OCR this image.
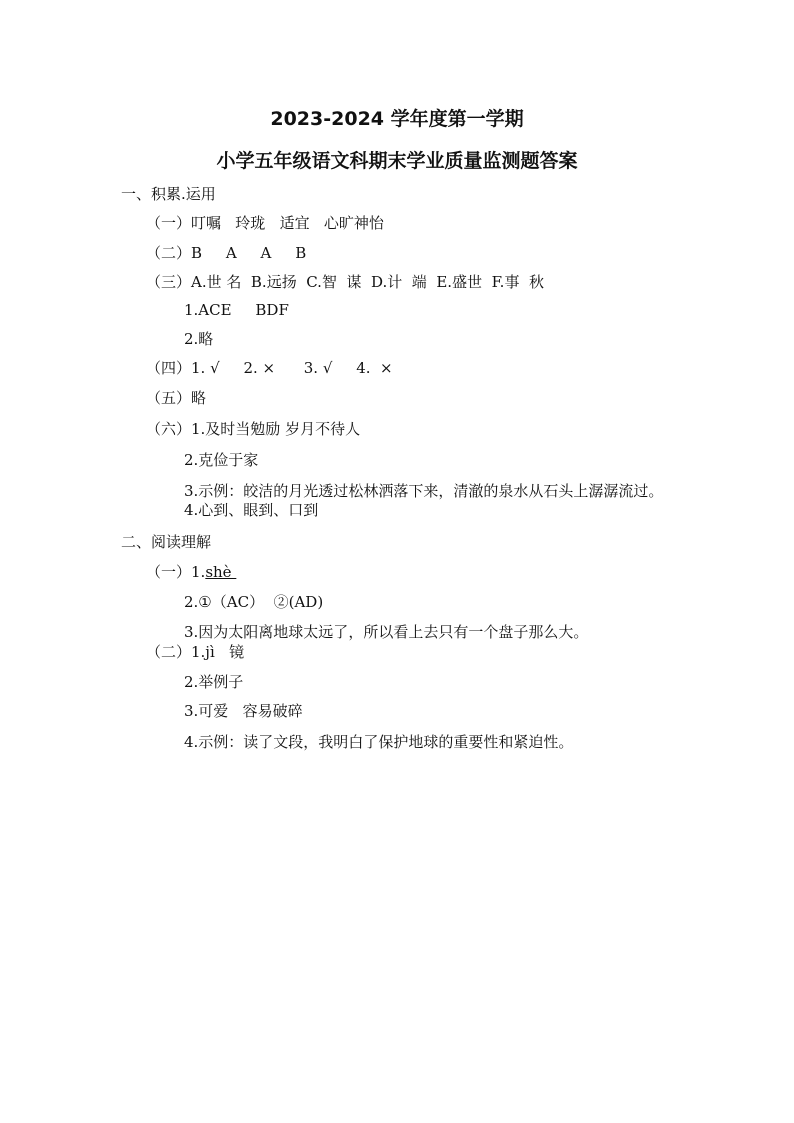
2023-2024 学年度第一学期
小学五年级语文科期末学业质量监测题答案
一、积累.运用
（一）叮嘱   玲珑   适宜   心旷神怡
（二）B     A     A     B
（三）A.世 名  B.远扬  C.智  谋  D.计  端  E.盛世  F.事  秋
1.ACE     BDF
2.略
（四）1. √     2. ×      3. √     4.  ×
（五）略
（六）1.及时当勉励 岁月不待人
2.克俭于家
3.示例：皎洁的月光透过松林洒落下来，清澈的泉水从石头上潺潺流过。
4.心到、眼到、口到
二、阅读理解
（一）1.shè
2.①（AC）  ②(AD)
3.因为太阳离地球太远了，所以看上去只有一个盘子那么大。
（二）1.jì   镜
2.举例子
3.可爱   容易破碎
4.示例：读了文段，我明白了保护地球的重要性和紧迫性。
